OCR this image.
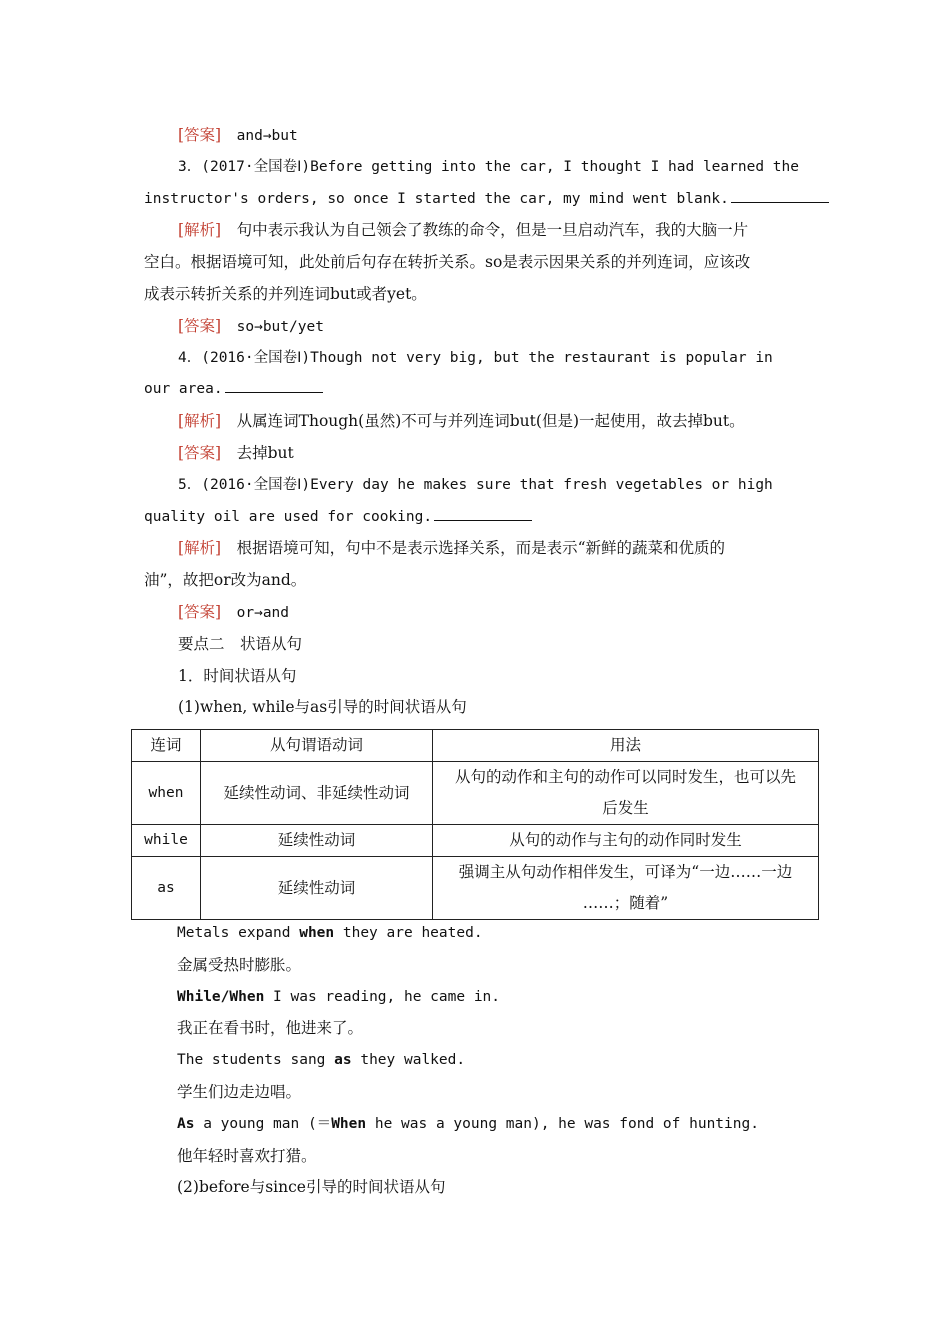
[答案]　 and→but
3．(2017·全国卷Ⅰ)Before getting into the car, I thought I had learned the
instructor's orders, so once I started the car, my mind went blank.
[解析]　 句中表示我认为自己领会了教练的命令，但是一旦启动汽车，我的大脑一片
空白。根据语境可知，此处前后句存在转折关系。so是表示因果关系的并列连词，应该改
成表示转折关系的并列连词but或者yet。
[答案]　 so→but/yet
4．(2016·全国卷Ⅰ)Though not very big, but the restaurant is popular in
our area.
[解析]　 从属连词Though(虽然)不可与并列连词but(但是)一起使用，故去掉but。
[答案]　 去掉but
5．(2016·全国卷Ⅰ)Every day he makes sure that fresh vegetables or high
quality oil are used for cooking.
[解析]　 根据语境可知，句中不是表示选择关系，而是表示“新鲜的蔬菜和优质的
油”，故把or改为and。
[答案]　 or→and
要点二　状语从句
1．时间状语从句
(1)when, while与as引导的时间状语从句
连词	从句谓语动词	用法
when	延续性动词、非延续性动词	从句的动作和主句的动作可以同时发生，也可以先
后发生

while	延续性动词	从句的动作与主句的动作同时发生

as	延续性动词	强调主从句动作相伴发生，可译为“一边……一边
……；随着”
Metals expand when they are heated.
金属受热时膨胀。
While/When I was reading, he came in.
我正在看书时，他进来了。
The students sang as they walked.
学生们边走边唱。
As a young man (＝When he was a young man), he was fond of hunting.
他年轻时喜欢打猎。
(2)before与since引导的时间状语从句
